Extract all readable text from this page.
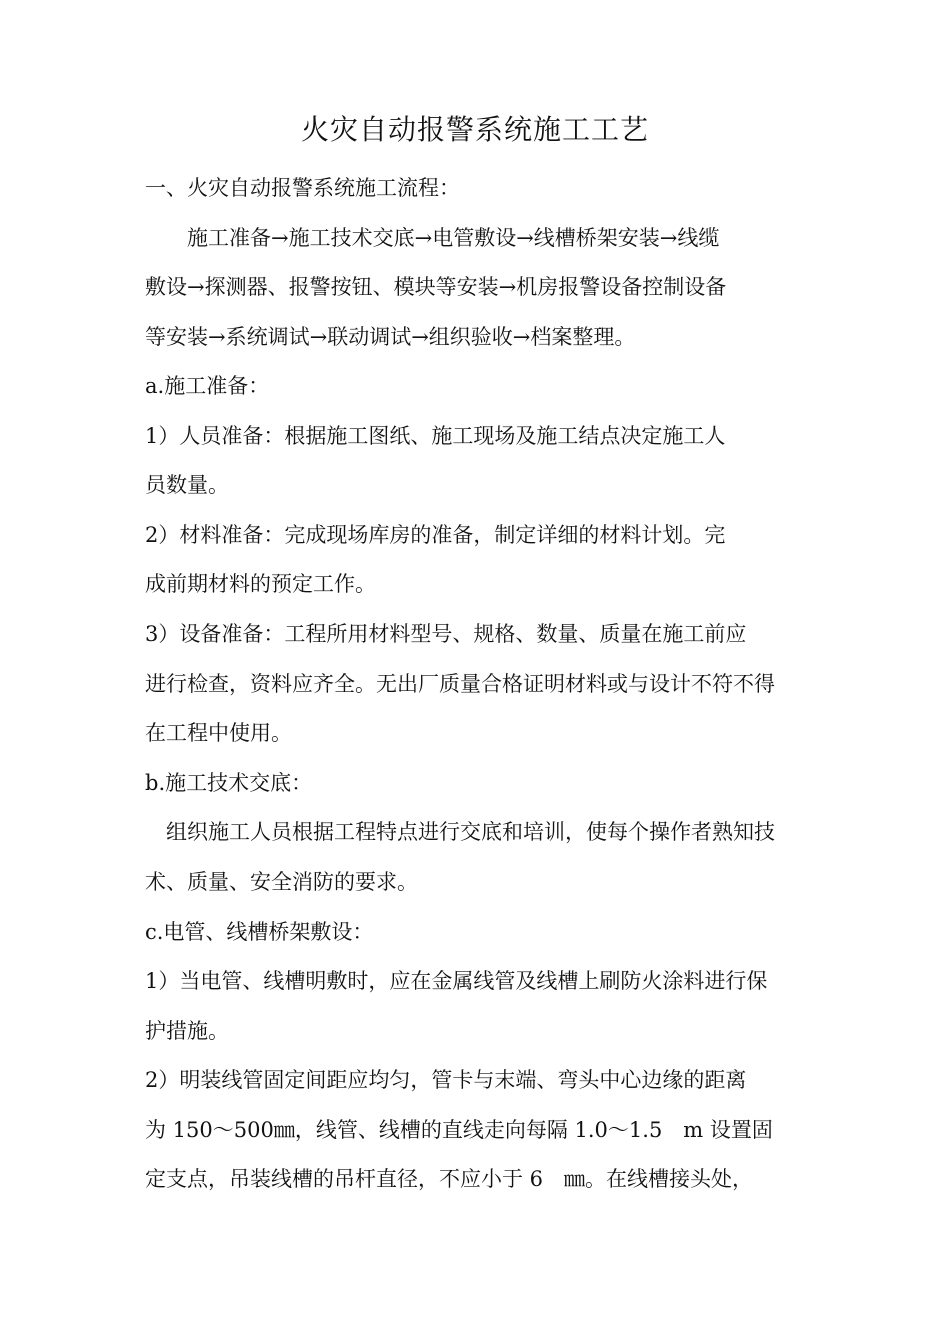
火灾自动报警系统施工工艺

一、火灾自动报警系统施工流程：

　　施工准备→施工技术交底→电管敷设→线槽桥架安装→线缆

敷设→探测器、报警按钮、模块等安装→机房报警设备控制设备

等安装→系统调试→联动调试→组织验收→档案整理。

a.施工准备：

1）人员准备：根据施工图纸、施工现场及施工结点决定施工人

员数量。

2）材料准备：完成现场库房的准备，制定详细的材料计划。完

成前期材料的预定工作。

3）设备准备：工程所用材料型号、规格、数量、质量在施工前应

进行检查，资料应齐全。无出厂质量合格证明材料或与设计不符不得

在工程中使用。

b.施工技术交底：

　组织施工人员根据工程特点进行交底和培训，使每个操作者熟知技

术、质量、安全消防的要求。

c.电管、线槽桥架敷设：

1）当电管、线槽明敷时，应在金属线管及线槽上刷防火涂料进行保

护措施。

2）明装线管固定间距应均匀，管卡与末端、弯头中心边缘的距离

为 150～500㎜，线管、线槽的直线走向每隔 1.0～1.5　m 设置固

定支点，吊装线槽的吊杆直径，不应小于 6　㎜。在线槽接头处，
